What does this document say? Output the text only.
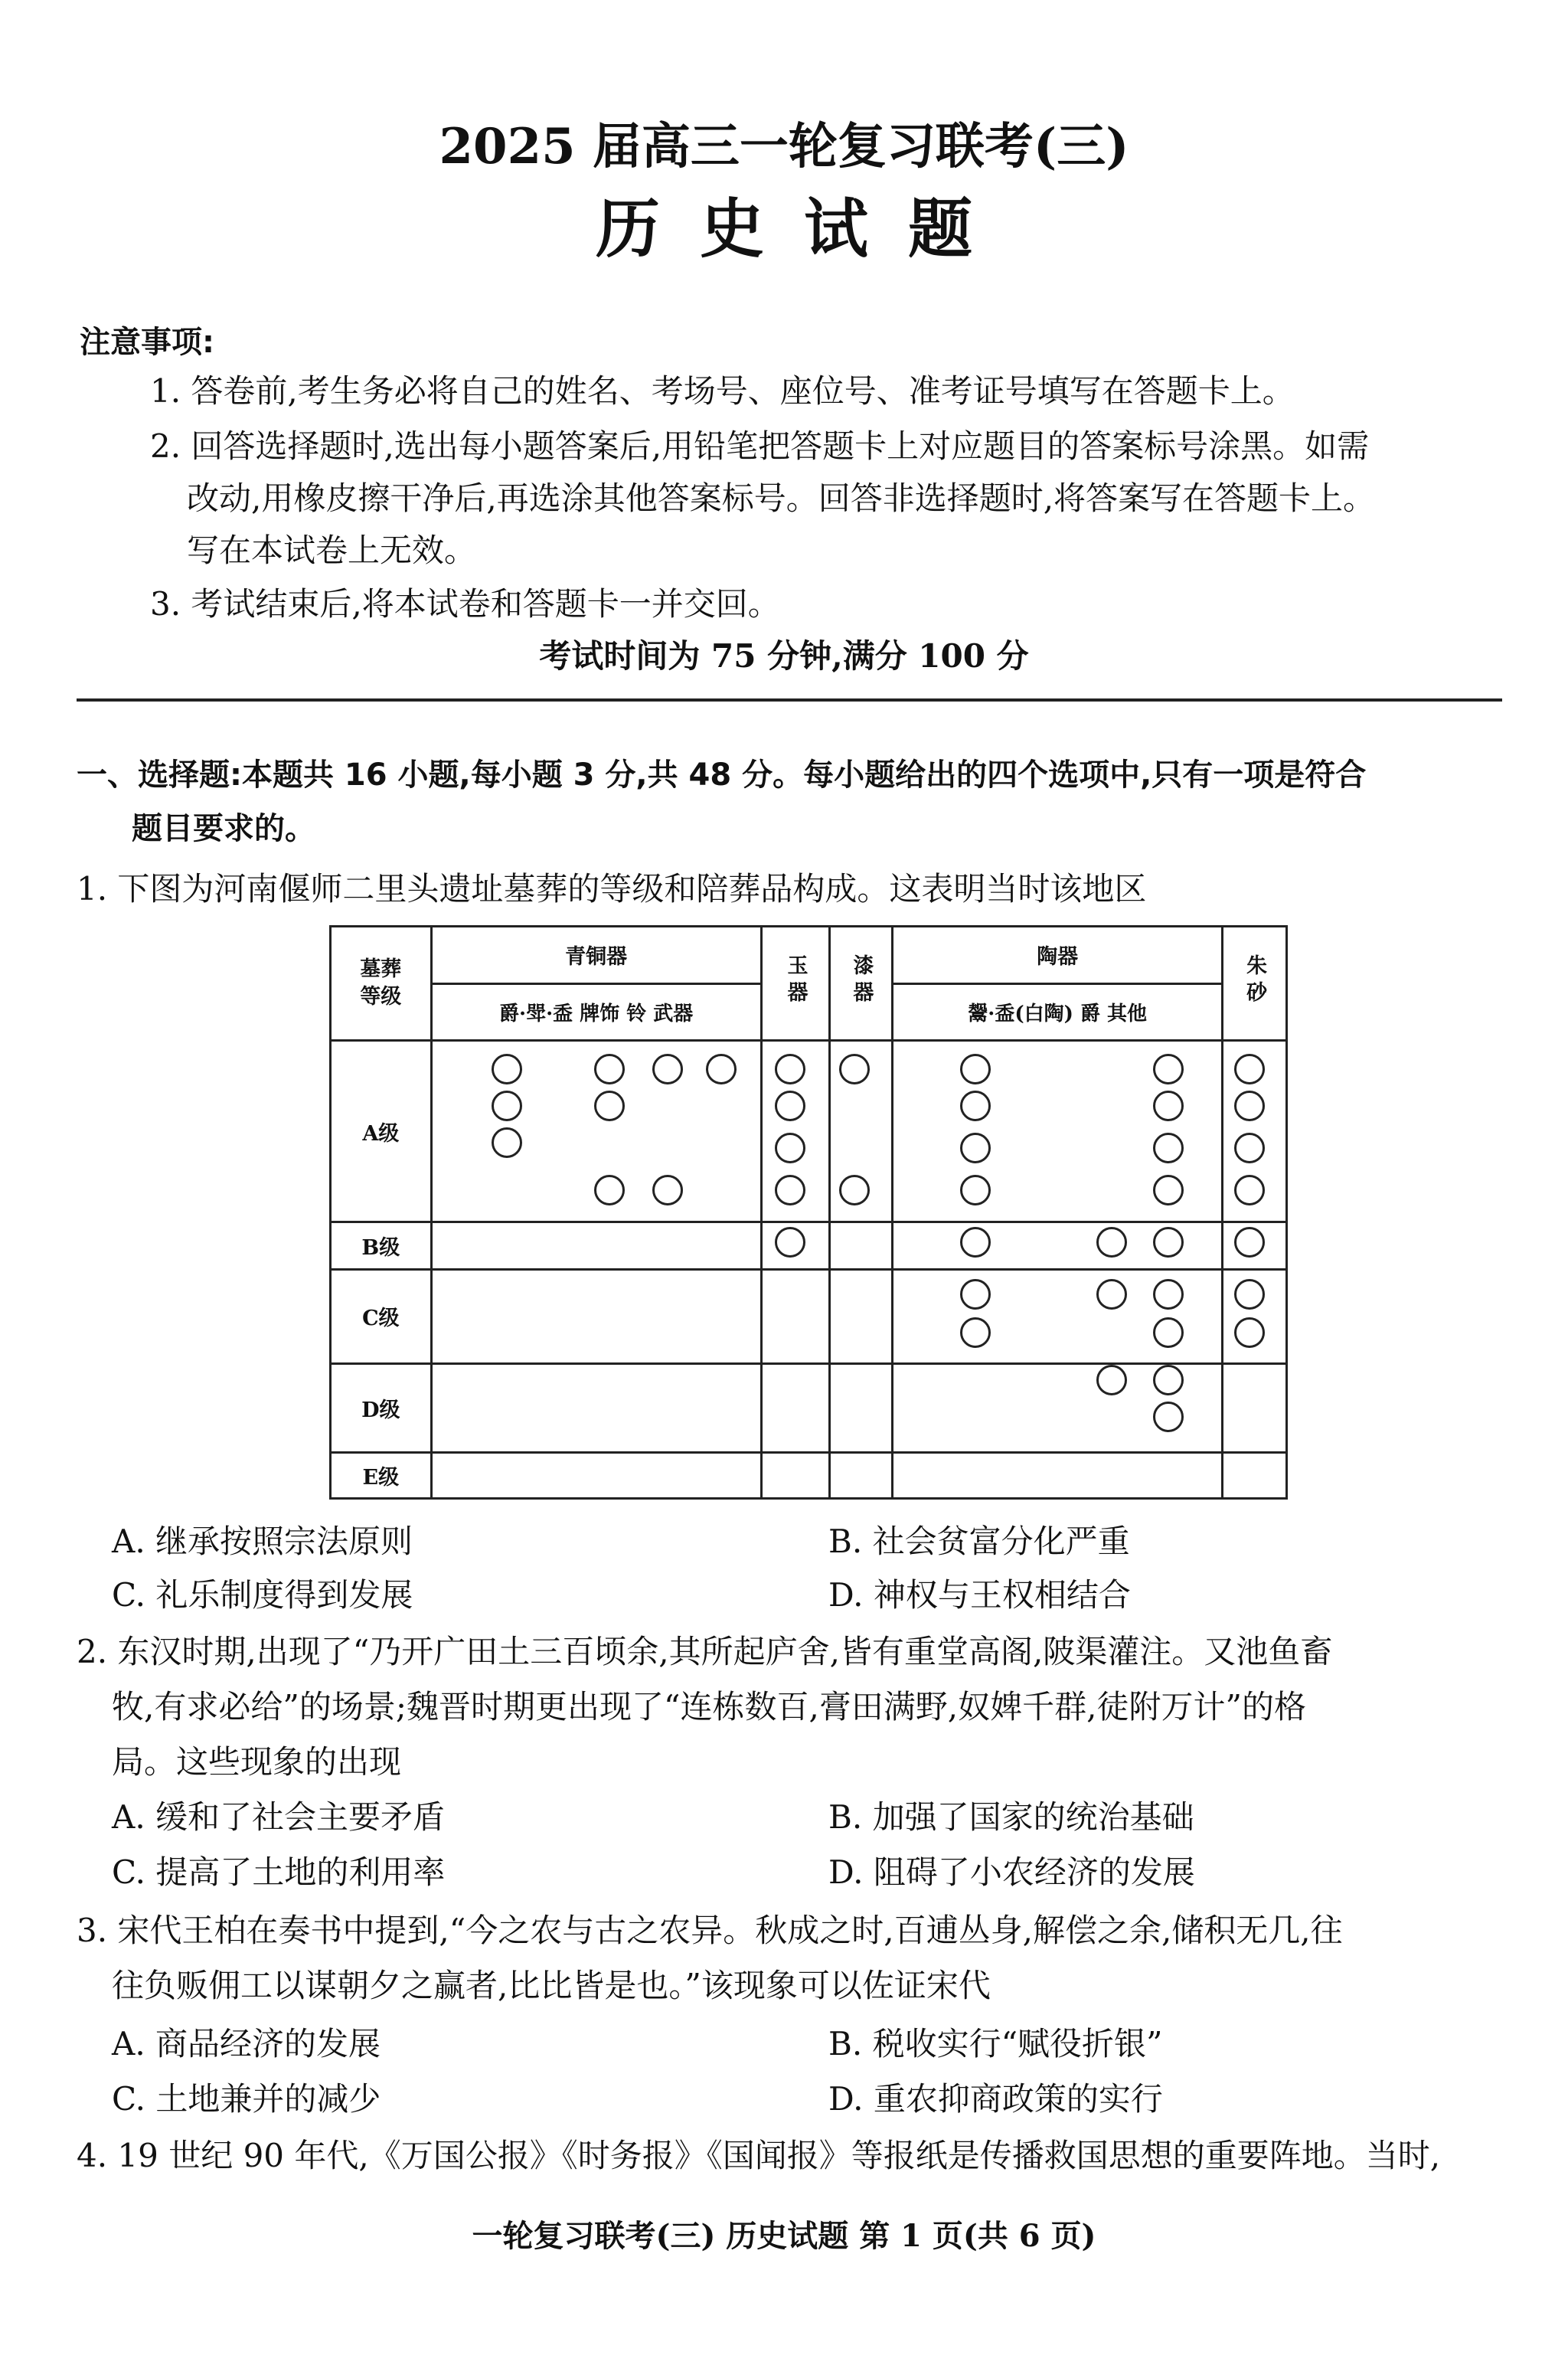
2025 届高三一轮复习联考(三)
历史试题
注意事项:
1. 答卷前,考生务必将自己的姓名、考场号、座位号、准考证号填写在答题卡上。
2. 回答选择题时,选出每小题答案后,用铅笔把答题卡上对应题目的答案标号涂黑。如需
改动,用橡皮擦干净后,再选涂其他答案标号。回答非选择题时,将答案写在答题卡上。
写在本试卷上无效。
3. 考试结束后,将本试卷和答题卡一并交回。
考试时间为 75 分钟,满分 100 分
一、选择题:本题共 16 小题,每小题 3 分,共 48 分。每小题给出的四个选项中,只有一项是符合
题目要求的。
1. 下图为河南偃师二里头遗址墓葬的等级和陪葬品构成。这表明当时该地区
墓葬等级	青铜器	玉器	漆器	陶器	朱砂
	爵·斝·盉 牌饰 铃 武器			鬶·盉(白陶) 爵 其他	
A级					
B级					
C级					
D级					
E级					
A. 继承按照宗法原则	B. 社会贫富分化严重
C. 礼乐制度得到发展	D. 神权与王权相结合
2. 东汉时期,出现了“乃开广田土三百顷余,其所起庐舍,皆有重堂高阁,陂渠灌注。又池鱼畜
牧,有求必给”的场景;魏晋时期更出现了“连栋数百,膏田满野,奴婢千群,徒附万计”的格
局。这些现象的出现
A. 缓和了社会主要矛盾	B. 加强了国家的统治基础
C. 提高了土地的利用率	D. 阻碍了小农经济的发展
3. 宋代王柏在奏书中提到,“今之农与古之农异。秋成之时,百逋丛身,解偿之余,储积无几,往
往负贩佣工以谋朝夕之赢者,比比皆是也。”该现象可以佐证宋代
A. 商品经济的发展	B. 税收实行“赋役折银”
C. 土地兼并的减少	D. 重农抑商政策的实行
4. 19 世纪 90 年代,《万国公报》《时务报》《国闻报》等报纸是传播救国思想的重要阵地。当时,
一轮复习联考(三) 历史试题 第 1 页(共 6 页)
